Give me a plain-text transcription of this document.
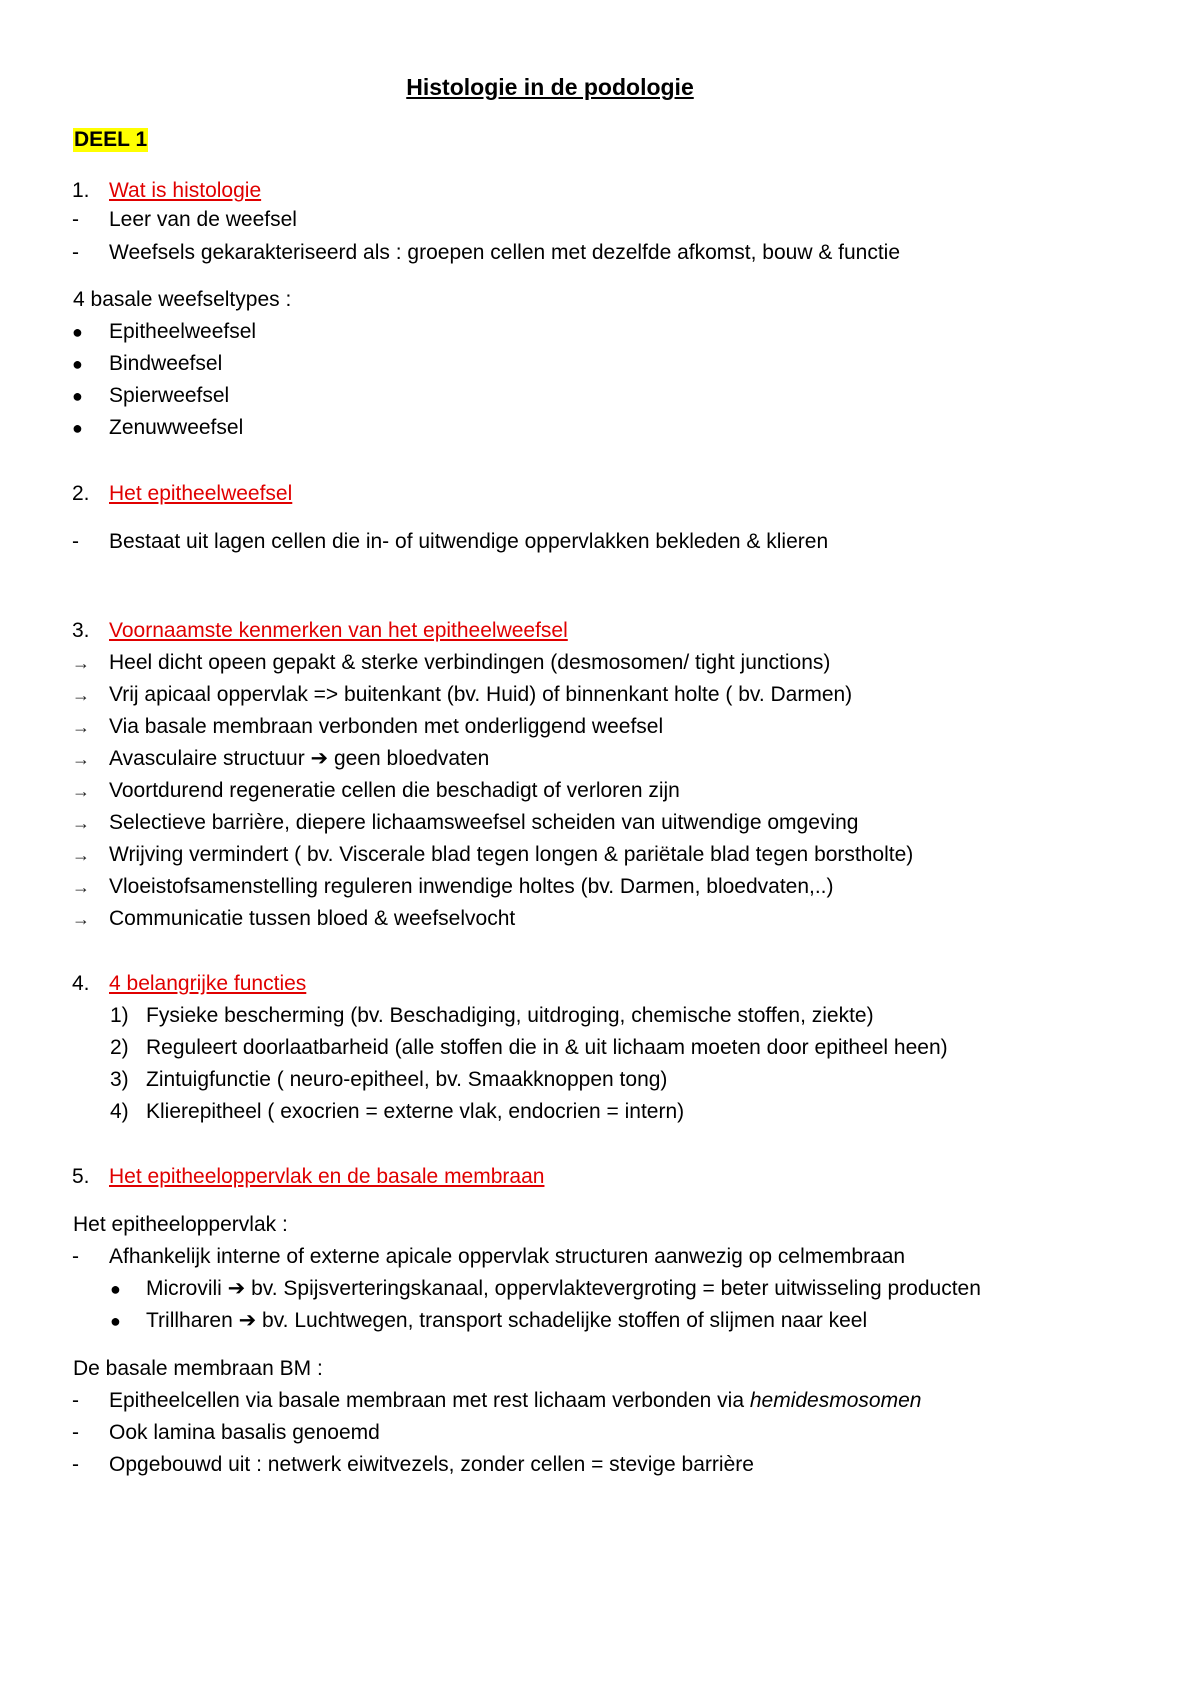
Histologie in de podologie
DEEL 1
1. Wat is histologie
-	Leer van de weefsel
-	Weefsels gekarakteriseerd als : groepen cellen met dezelfde afkomst, bouw & functie
4 basale weefseltypes :
●	Epitheelweefsel
●	Bindweefsel
●	Spierweefsel
●	Zenuwweefsel
2. Het epitheelweefsel
-	Bestaat uit lagen cellen die in- of uitwendige oppervlakken bekleden & klieren
3. Voornaamste kenmerken van het epitheelweefsel
→ Heel dicht opeen gepakt & sterke verbindingen (desmosomen/ tight junctions)
→ Vrij apicaal oppervlak => buitenkant (bv. Huid) of binnenkant holte ( bv. Darmen)
→ Via basale membraan verbonden met onderliggend weefsel
→ Avasculaire structuur ➔ geen bloedvaten
→ Voortdurend regeneratie cellen die beschadigt of verloren zijn
→ Selectieve barrière, diepere lichaamsweefsel scheiden van uitwendige omgeving
→ Wrijving vermindert ( bv. Viscerale blad tegen longen & pariëtale blad tegen borstholte)
→ Vloeistofsamenstelling reguleren inwendige holtes (bv. Darmen, bloedvaten,..)
→ Communicatie tussen bloed & weefselvocht
4. 4 belangrijke functies
1) Fysieke bescherming (bv. Beschadiging, uitdroging, chemische stoffen, ziekte)
2) Reguleert doorlaatbarheid (alle stoffen die in & uit lichaam moeten door epitheel heen)
3) Zintuigfunctie ( neuro-epitheel, bv. Smaakknoppen tong)
4) Klierepitheel ( exocrien = externe vlak, endocrien = intern)
5. Het epitheeloppervlak en de basale membraan
Het epitheeloppervlak :
-	Afhankelijk interne of externe apicale oppervlak structuren aanwezig op celmembraan
●	Microvili ➔ bv. Spijsverteringskanaal, oppervlaktevergroting = beter uitwisseling producten
●	Trillharen ➔ bv. Luchtwegen, transport schadelijke stoffen of slijmen naar keel
De basale membraan BM :
-	Epitheelcellen via basale membraan met rest lichaam verbonden via hemidesmosomen
-	Ook lamina basalis genoemd
-	Opgebouwd uit : netwerk eiwitvezels, zonder cellen = stevige barrière
